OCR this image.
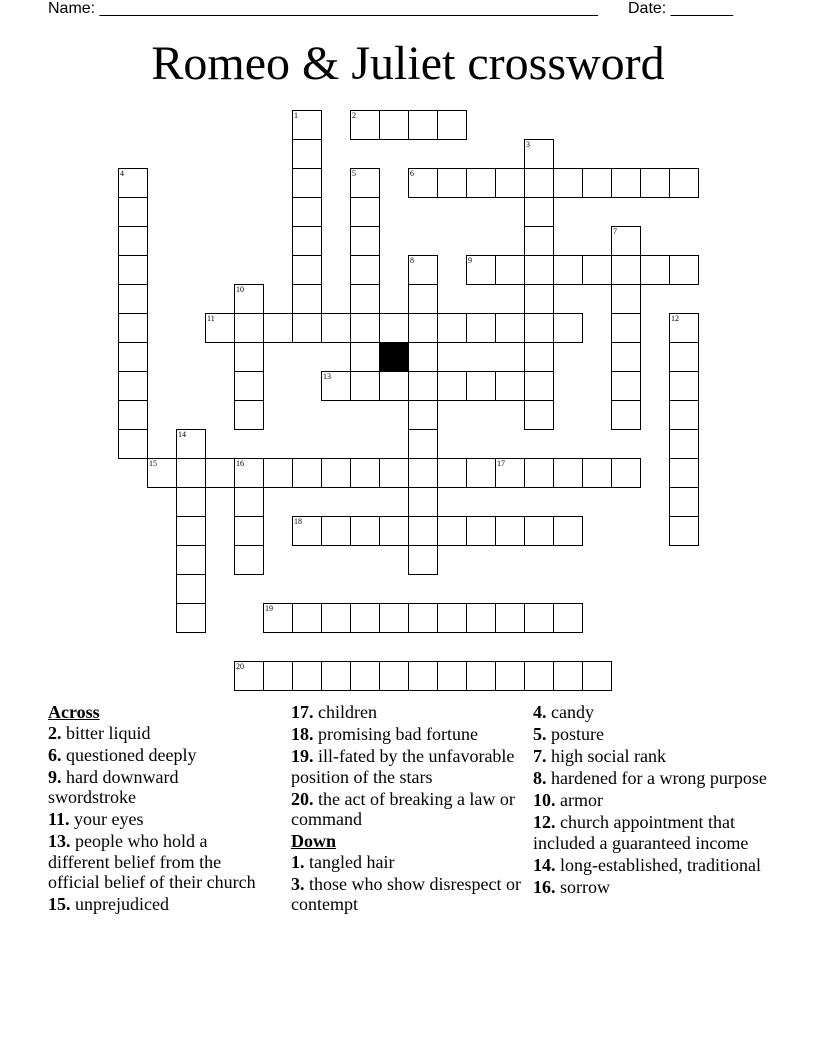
Name: ________________________________________________________ Date: _______
Romeo & Juliet crossword
1	2
3
4	5	6
7
8	9
10
11	12
13
14
15	16	17
18
19
20
Across
2. bitter liquid
6. questioned deeply
9. hard downward swordstroke
11. your eyes
13. people who hold a different belief from the official belief of their church
15. unprejudiced
17. children
18. promising bad fortune
19. ill-fated by the unfavorable position of the stars
20. the act of breaking a law or command
Down
1. tangled hair
3. those who show disrespect or contempt
4. candy
5. posture
7. high social rank
8. hardened for a wrong purpose
10. armor
12. church appointment that included a guaranteed income
14. long-established, traditional
16. sorrow
